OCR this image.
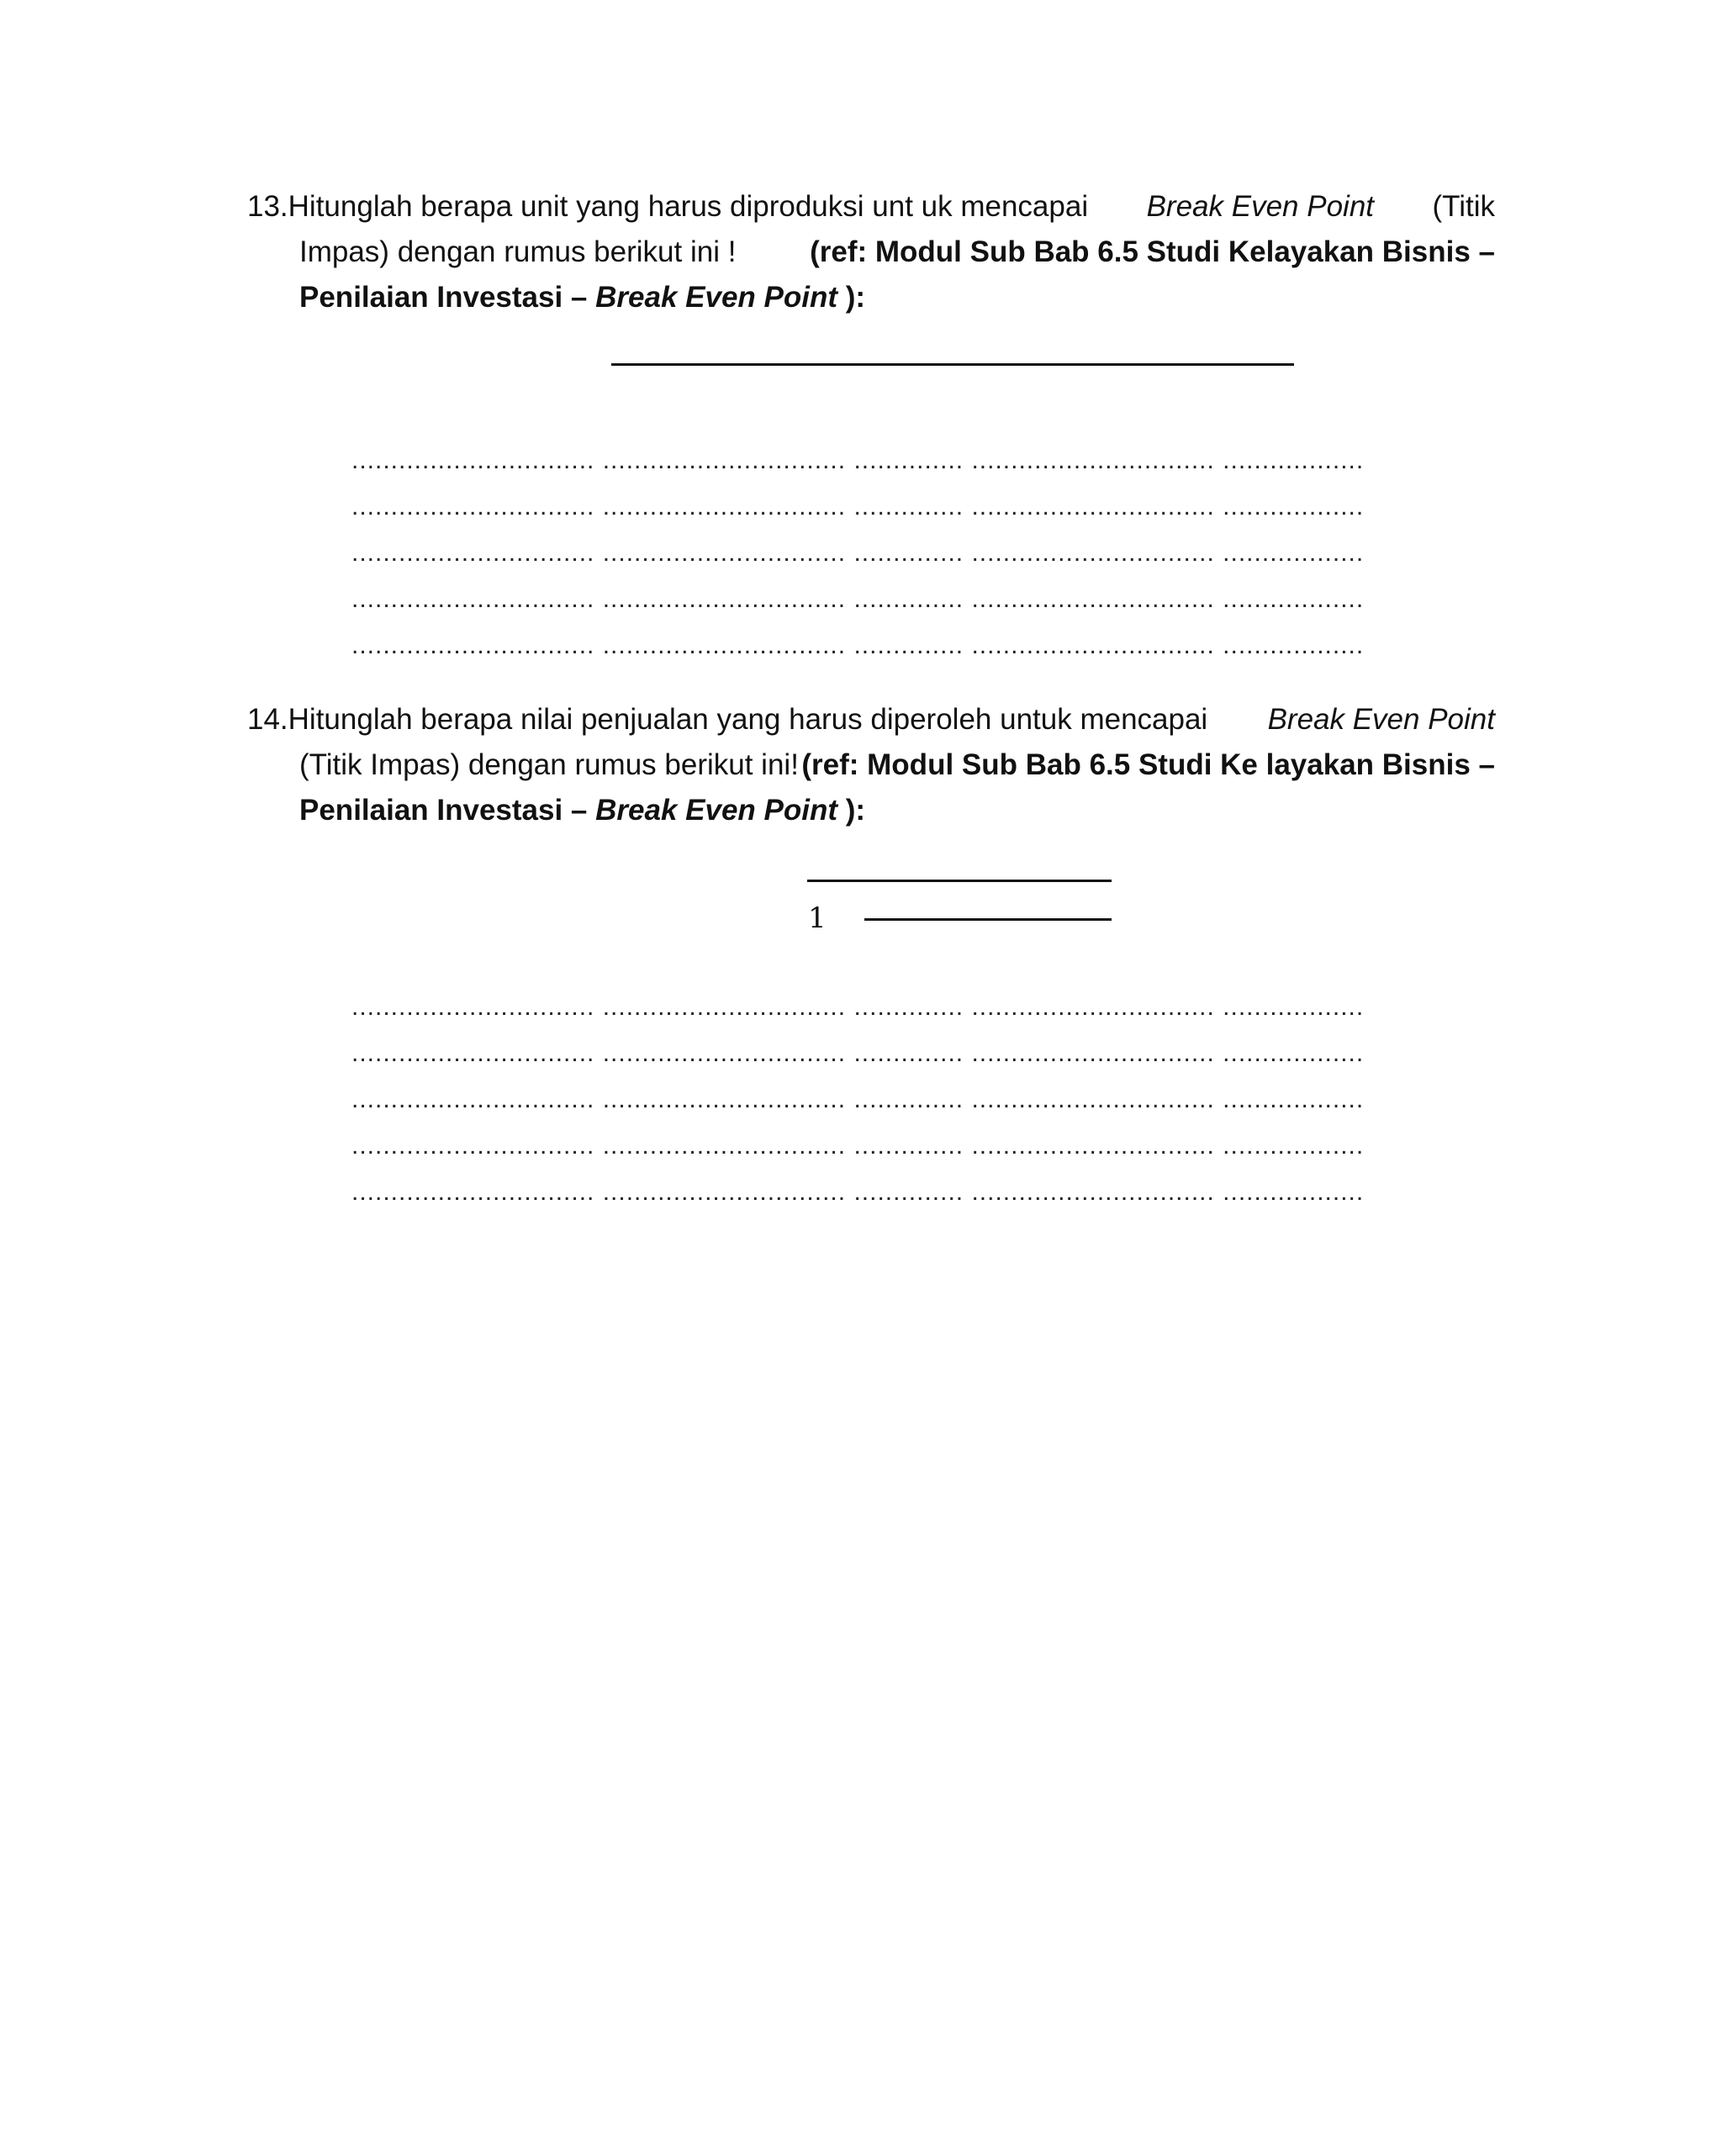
13.Hitunglah berapa unit yang harus diproduksi unt uk mencapai Break Even Point (Titik
Impas) dengan rumus berikut ini !	(ref: Modul Sub Bab 6.5 Studi Kelayakan Bisnis –
Penilaian Investasi – Break Even Point ):
............................... ............................... .............. ............................... ..................
............................... ............................... .............. ............................... ..................
............................... ............................... .............. ............................... ..................
............................... ............................... .............. ............................... ..................
............................... ............................... .............. ............................... ..................
14.Hitunglah berapa nilai penjualan yang harus diperoleh untuk mencapai Break Even Point
(Titik Impas) dengan rumus berikut ini! (ref: Modul Sub Bab 6.5 Studi Ke layakan Bisnis –
Penilaian Investasi – Break Even Point ):
1
............................... ............................... .............. ............................... ..................
............................... ............................... .............. ............................... ..................
............................... ............................... .............. ............................... ..................
............................... ............................... .............. ............................... ..................
............................... ............................... .............. ............................... ..................
